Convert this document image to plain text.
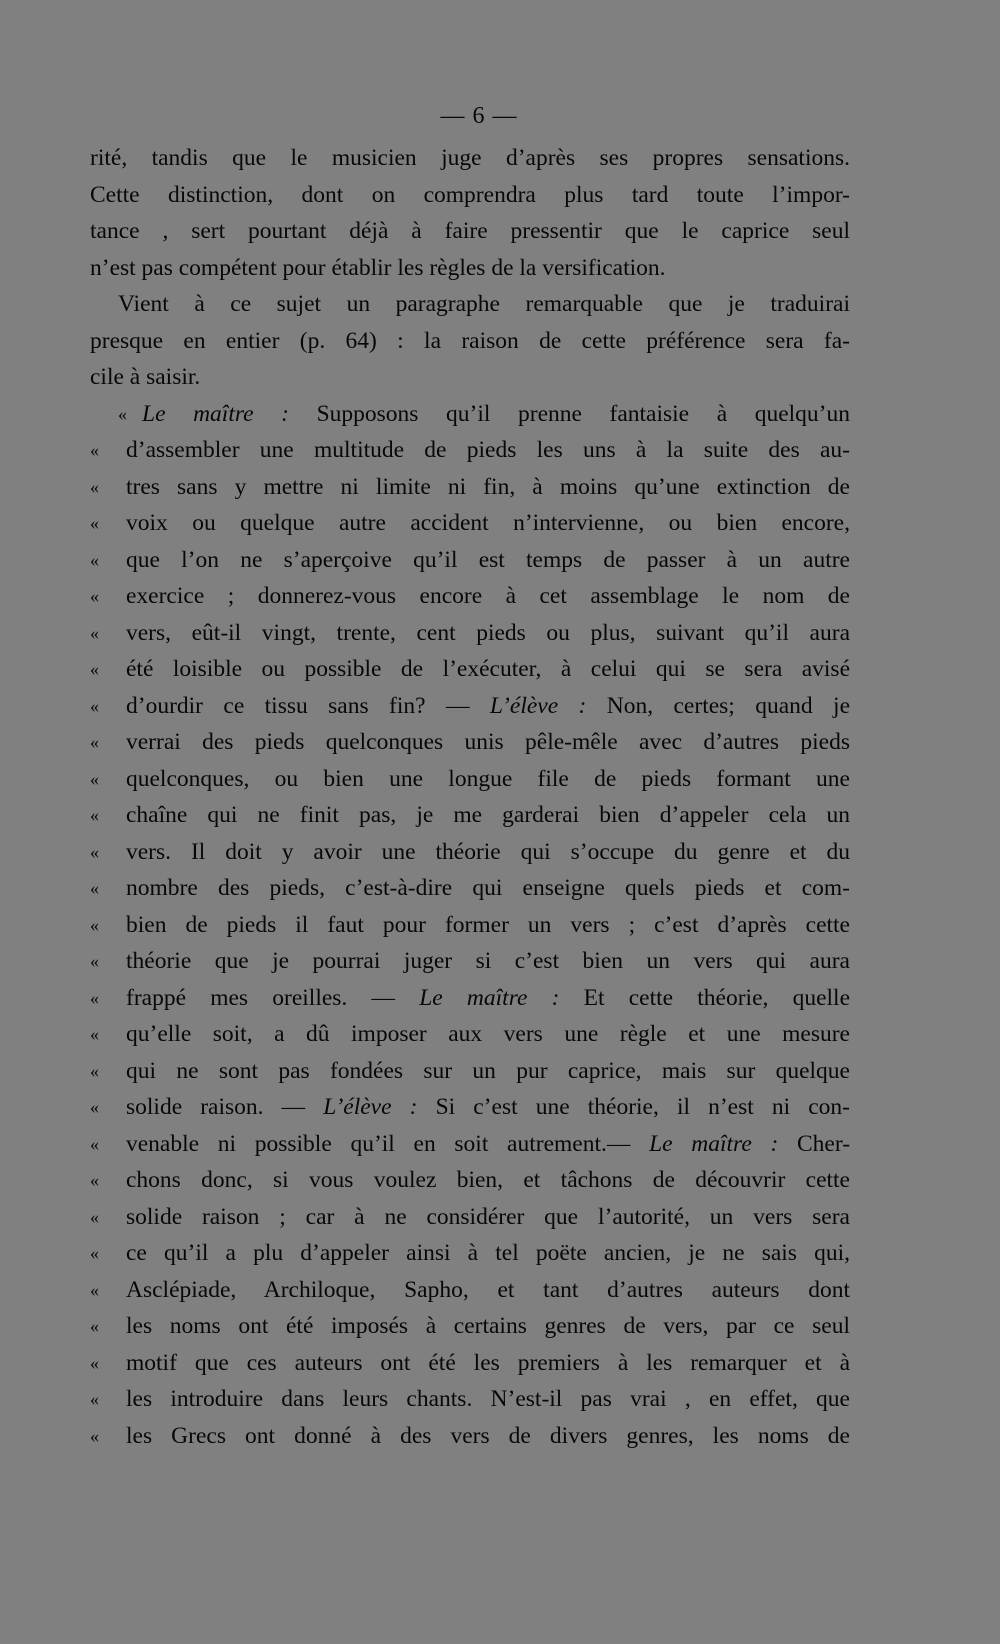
— 6 —
rité, tandis que le musicien juge d’après ses propres sensations.
Cette distinction, dont on comprendra plus tard toute l’impor-
tance , sert pourtant déjà à faire pressentir que le caprice seul
n’est pas compétent pour établir les règles de la versification.
Vient à ce sujet un paragraphe remarquable que je traduirai
presque en entier (p. 64) : la raison de cette préférence sera fa-
cile à saisir.
« Le maître : Supposons qu’il prenne fantaisie à quelqu’un
«	d’assembler une multitude de pieds les uns à la suite des au-
«	tres sans y mettre ni limite ni fin, à moins qu’une extinction de
«	voix ou quelque autre accident n’intervienne, ou bien encore,
«	que l’on ne s’aperçoive qu’il est temps de passer à un autre
«	exercice ; donnerez-vous encore à cet assemblage le nom de
«	vers, eût-il vingt, trente, cent pieds ou plus, suivant qu’il aura
«	été loisible ou possible de l’exécuter, à celui qui se sera avisé
«	d’ourdir ce tissu sans fin? — L’élève : Non, certes; quand je
«	verrai des pieds quelconques unis pêle-mêle avec d’autres pieds
«	quelconques, ou bien une longue file de pieds formant une
«	chaîne qui ne finit pas, je me garderai bien d’appeler cela un
«	vers. Il doit y avoir une théorie qui s’occupe du genre et du
«	nombre des pieds, c’est-à-dire qui enseigne quels pieds et com-
«	bien de pieds il faut pour former un vers ; c’est d’après cette
«	théorie que je pourrai juger si c’est bien un vers qui aura
«	frappé mes oreilles. — Le maître : Et cette théorie, quelle
«	qu’elle soit, a dû imposer aux vers une règle et une mesure
«	qui ne sont pas fondées sur un pur caprice, mais sur quelque
«	solide raison. — L’élève : Si c’est une théorie, il n’est ni con-
«	venable ni possible qu’il en soit autrement.— Le maître : Cher-
«	chons donc, si vous voulez bien, et tâchons de découvrir cette
«	solide raison ; car à ne considérer que l’autorité, un vers sera
«	ce qu’il a plu d’appeler ainsi à tel poëte ancien, je ne sais qui,
«	Asclépiade, Archiloque, Sapho, et tant d’autres auteurs dont
«	les noms ont été imposés à certains genres de vers, par ce seul
«	motif que ces auteurs ont été les premiers à les remarquer et à
«	les introduire dans leurs chants. N’est-il pas vrai , en effet, que
«	les Grecs ont donné à des vers de divers genres, les noms de
